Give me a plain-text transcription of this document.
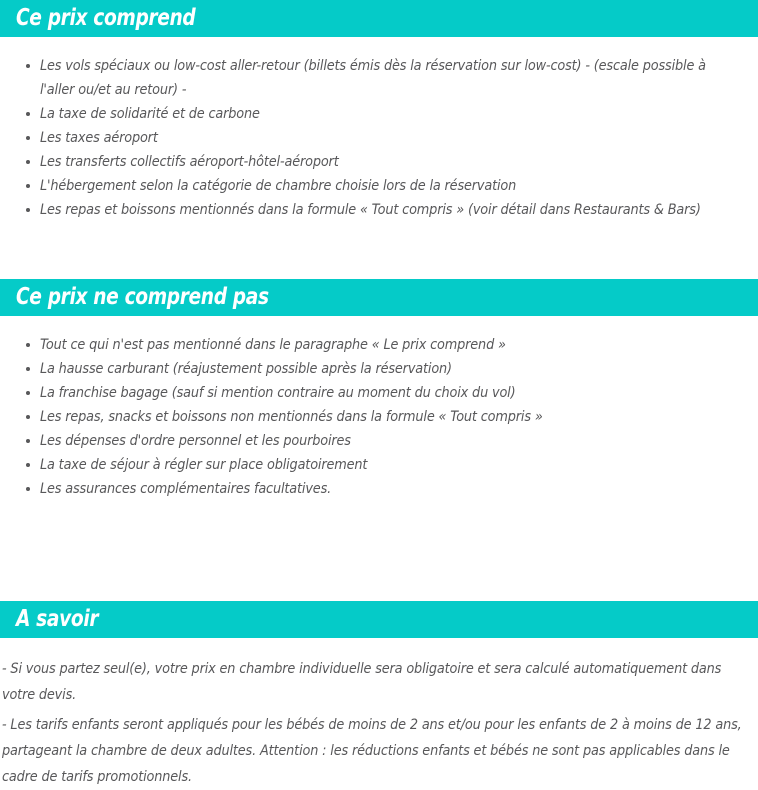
Ce prix comprend
Les vols spéciaux ou low-cost aller-retour (billets émis dès la réservation sur low-cost) - (escale possible à l'aller ou/et au retour) -
La taxe de solidarité et de carbone
Les taxes aéroport
Les transferts collectifs aéroport-hôtel-aéroport
L'hébergement selon la catégorie de chambre choisie lors de la réservation
Les repas et boissons mentionnés dans la formule « Tout compris » (voir détail dans Restaurants & Bars)
Ce prix ne comprend pas
Tout ce qui n'est pas mentionné dans le paragraphe « Le prix comprend »
La hausse carburant (réajustement possible après la réservation)
La franchise bagage (sauf si mention contraire au moment du choix du vol)
Les repas, snacks et boissons non mentionnés dans la formule « Tout compris »
Les dépenses d'ordre personnel et les pourboires
La taxe de séjour à régler sur place obligatoirement
Les assurances complémentaires facultatives.
A savoir

- Si vous partez seul(e), votre prix en chambre individuelle sera obligatoire et sera calculé automatiquement dans votre devis.

- Les tarifs enfants seront appliqués pour les bébés de moins de 2 ans et/ou pour les enfants de 2 à moins de 12 ans, partageant la chambre de deux adultes. Attention : les réductions enfants et bébés ne sont pas applicables dans le cadre de tarifs promotionnels.
